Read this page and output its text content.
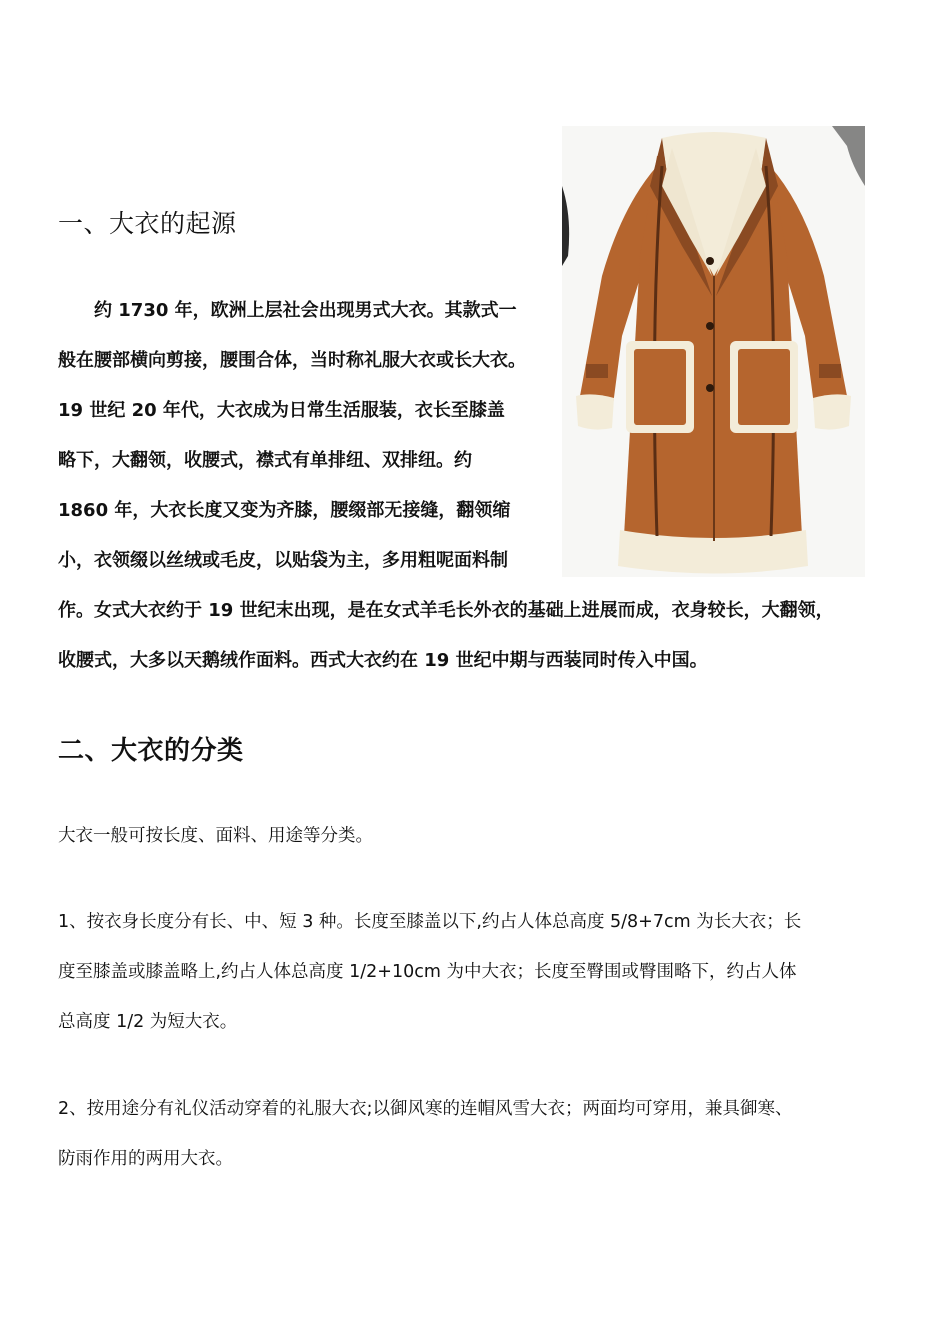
一、大衣的起源
约 1730 年，欧洲上层社会出现男式大衣。其款式一
般在腰部横向剪接，腰围合体，当时称礼服大衣或长大衣。
19 世纪 20 年代，大衣成为日常生活服装，衣长至膝盖
略下，大翻领，收腰式，襟式有单排纽、双排纽。约
1860 年，大衣长度又变为齐膝，腰缀部无接缝，翻领缩
小，衣领缀以丝绒或毛皮，以贴袋为主，多用粗呢面料制
作。女式大衣约于 19 世纪末出现，是在女式羊毛长外衣的基础上进展而成，衣身较长，大翻领，
收腰式，大多以天鹅绒作面料。西式大衣约在 19 世纪中期与西装同时传入中国。
二、大衣的分类
大衣一般可按长度、面料、用途等分类。
1、按衣身长度分有长、中、短 3 种。长度至膝盖以下,约占人体总高度 5/8+7cm 为长大衣；长
度至膝盖或膝盖略上,约占人体总高度 1/2+10cm 为中大衣；长度至臀围或臀围略下，约占人体
总高度 1/2 为短大衣。
2、按用途分有礼仪活动穿着的礼服大衣;以御风寒的连帽风雪大衣；两面均可穿用，兼具御寒、
防雨作用的两用大衣。
